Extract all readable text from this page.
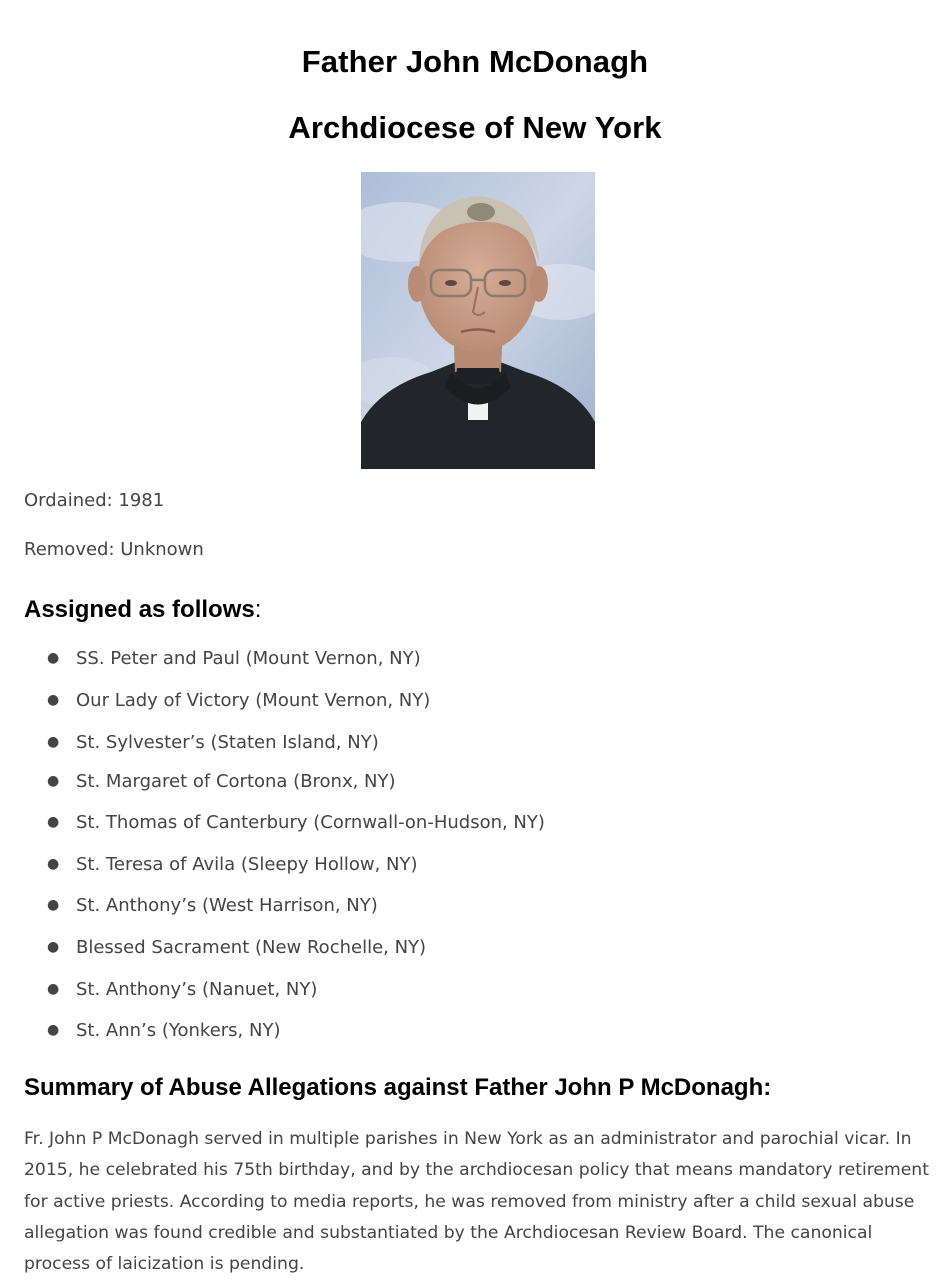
Father John McDonagh
Archdiocese of New York

Ordained: 1981

Removed: Unknown

Assigned as follows:
● SS. Peter and Paul (Mount Vernon, NY)
● Our Lady of Victory (Mount Vernon, NY)
● St. Sylvester’s (Staten Island, NY)
● St. Margaret of Cortona (Bronx, NY)
● St. Thomas of Canterbury (Cornwall-on-Hudson, NY)
● St. Teresa of Avila (Sleepy Hollow, NY)
● St. Anthony’s (West Harrison, NY)
● Blessed Sacrament (New Rochelle, NY)
● St. Anthony’s (Nanuet, NY)
● St. Ann’s (Yonkers, NY)
Summary of Abuse Allegations against Father John P McDonagh:

Fr. John P McDonagh served in multiple parishes in New York as an administrator and parochial vicar. In 2015, he celebrated his 75th birthday, and by the archdiocesan policy that means mandatory retirement for active priests. According to media reports, he was removed from ministry after a child sexual abuse allegation was found credible and substantiated by the Archdiocesan Review Board. The canonical process of laicization is pending.
